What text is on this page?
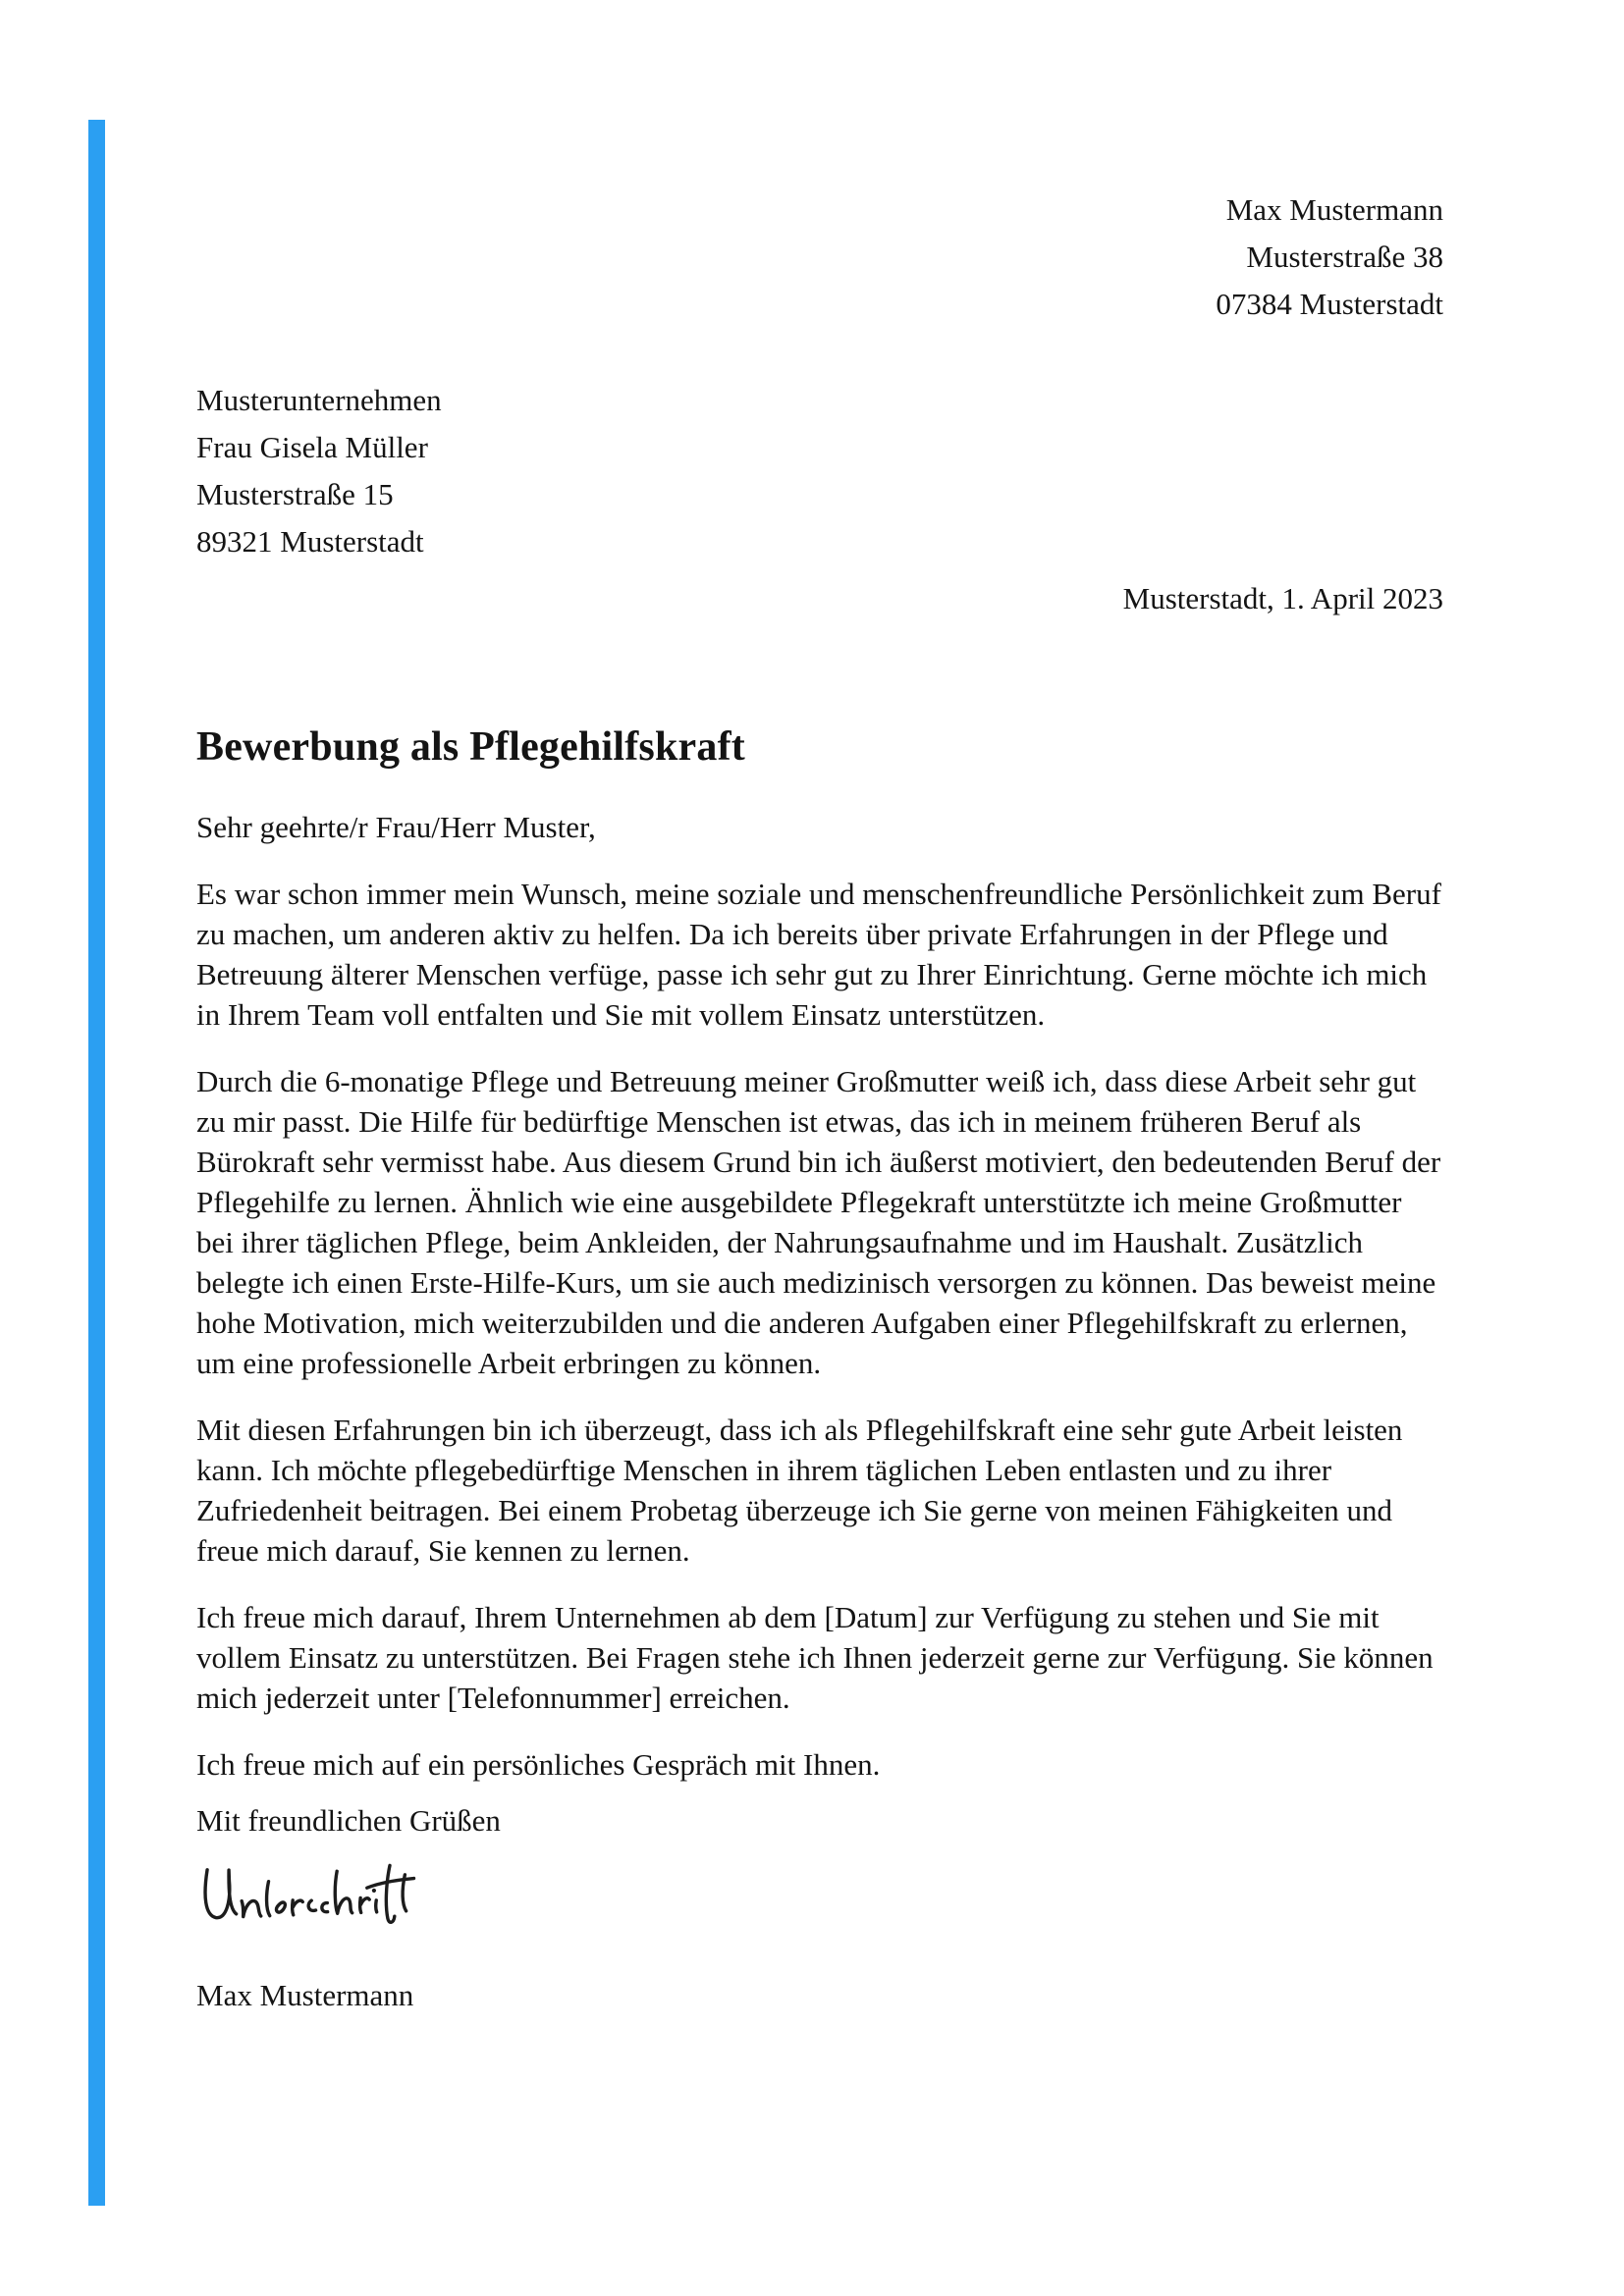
Max Mustermann
Musterstraße 38
07384 Musterstadt
Musterunternehmen
Frau Gisela Müller
Musterstraße 15
89321 Musterstadt
Musterstadt, 1. April 2023
Bewerbung als Pflegehilfskraft
Sehr geehrte/r Frau/Herr Muster,

Es war schon immer mein Wunsch, meine soziale und menschenfreundliche Persönlichkeit zum Beruf zu machen, um anderen aktiv zu helfen. Da ich bereits über private Erfahrungen in der Pflege und Betreuung älterer Menschen verfüge, passe ich sehr gut zu Ihrer Einrichtung. Gerne möchte ich mich in Ihrem Team voll entfalten und Sie mit vollem Einsatz unterstützen.

Durch die 6-monatige Pflege und Betreuung meiner Großmutter weiß ich, dass diese Arbeit sehr gut zu mir passt. Die Hilfe für bedürftige Menschen ist etwas, das ich in meinem früheren Beruf als Bürokraft sehr vermisst habe. Aus diesem Grund bin ich äußerst motiviert, den bedeutenden Beruf der Pflegehilfe zu lernen. Ähnlich wie eine ausgebildete Pflegekraft unterstützte ich meine Großmutter bei ihrer täglichen Pflege, beim Ankleiden, der Nahrungsaufnahme und im Haushalt. Zusätzlich belegte ich einen Erste-Hilfe-Kurs, um sie auch medizinisch versorgen zu können. Das beweist meine hohe Motivation, mich weiterzubilden und die anderen Aufgaben einer Pflegehilfskraft zu erlernen, um eine professionelle Arbeit erbringen zu können.

Mit diesen Erfahrungen bin ich überzeugt, dass ich als Pflegehilfskraft eine sehr gute Arbeit leisten kann. Ich möchte pflegebedürftige Menschen in ihrem täglichen Leben entlasten und zu ihrer Zufriedenheit beitragen. Bei einem Probetag überzeuge ich Sie gerne von meinen Fähigkeiten und freue mich darauf, Sie kennen zu lernen.

Ich freue mich darauf, Ihrem Unternehmen ab dem [Datum] zur Verfügung zu stehen und Sie mit vollem Einsatz zu unterstützen. Bei Fragen stehe ich Ihnen jederzeit gerne zur Verfügung. Sie können mich jederzeit unter [Telefonnummer] erreichen.

Ich freue mich auf ein persönliches Gespräch mit Ihnen.

Mit freundlichen Grüßen
Max Mustermann
